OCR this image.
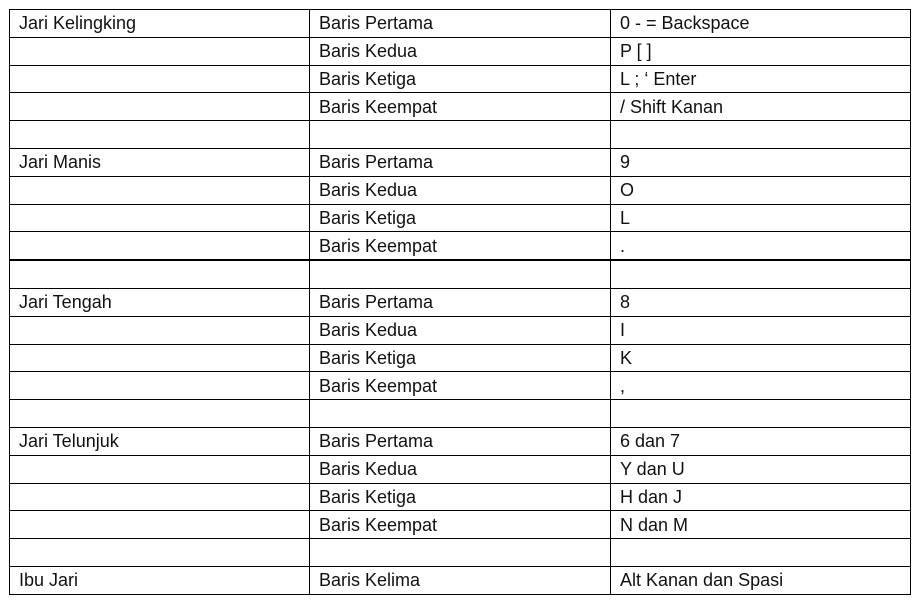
Jari Kelingking	Baris Pertama	0 - = Backspace
	Baris Kedua	P [ ]
	Baris Ketiga	L ; ‘ Enter
	Baris Keempat	/ Shift Kanan

Jari Manis	Baris Pertama	9
	Baris Kedua	O
	Baris Ketiga	L
	Baris Keempat	.

Jari Tengah	Baris Pertama	8
	Baris Kedua	I
	Baris Ketiga	K
	Baris Keempat	,

Jari Telunjuk	Baris Pertama	6 dan 7
	Baris Kedua	Y dan U
	Baris Ketiga	H dan J
	Baris Keempat	N dan M

Ibu Jari	Baris Kelima	Alt Kanan dan Spasi
